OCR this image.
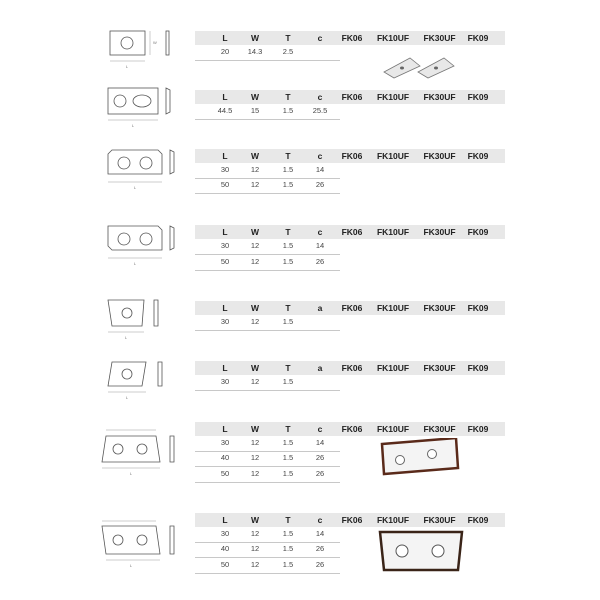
L
W	L	W	T	c	FK06	FK10UF	FK30UF	FK09
20	14.3	2.5
L
L	W	T	c	FK06	FK10UF	FK30UF	FK09
44.5	15	1.5	25.5
L
L	W	T	c	FK06	FK10UF	FK30UF	FK09
30	12	1.5	14
50	12	1.5	26
L
L	W	T	c	FK06	FK10UF	FK30UF	FK09
30	12	1.5	14
50	12	1.5	26
L
L	W	T	a	FK06	FK10UF	FK30UF	FK09
30	12	1.5
L
L	W	T	a	FK06	FK10UF	FK30UF	FK09
30	12	1.5
L
L	W	T	c	FK06	FK10UF	FK30UF	FK09
30	12	1.5	14
40	12	1.5	26
50	12	1.5	26
L
L	W	T	c	FK06	FK10UF	FK30UF	FK09
30	12	1.5	14
40	12	1.5	26
50	12	1.5	26
